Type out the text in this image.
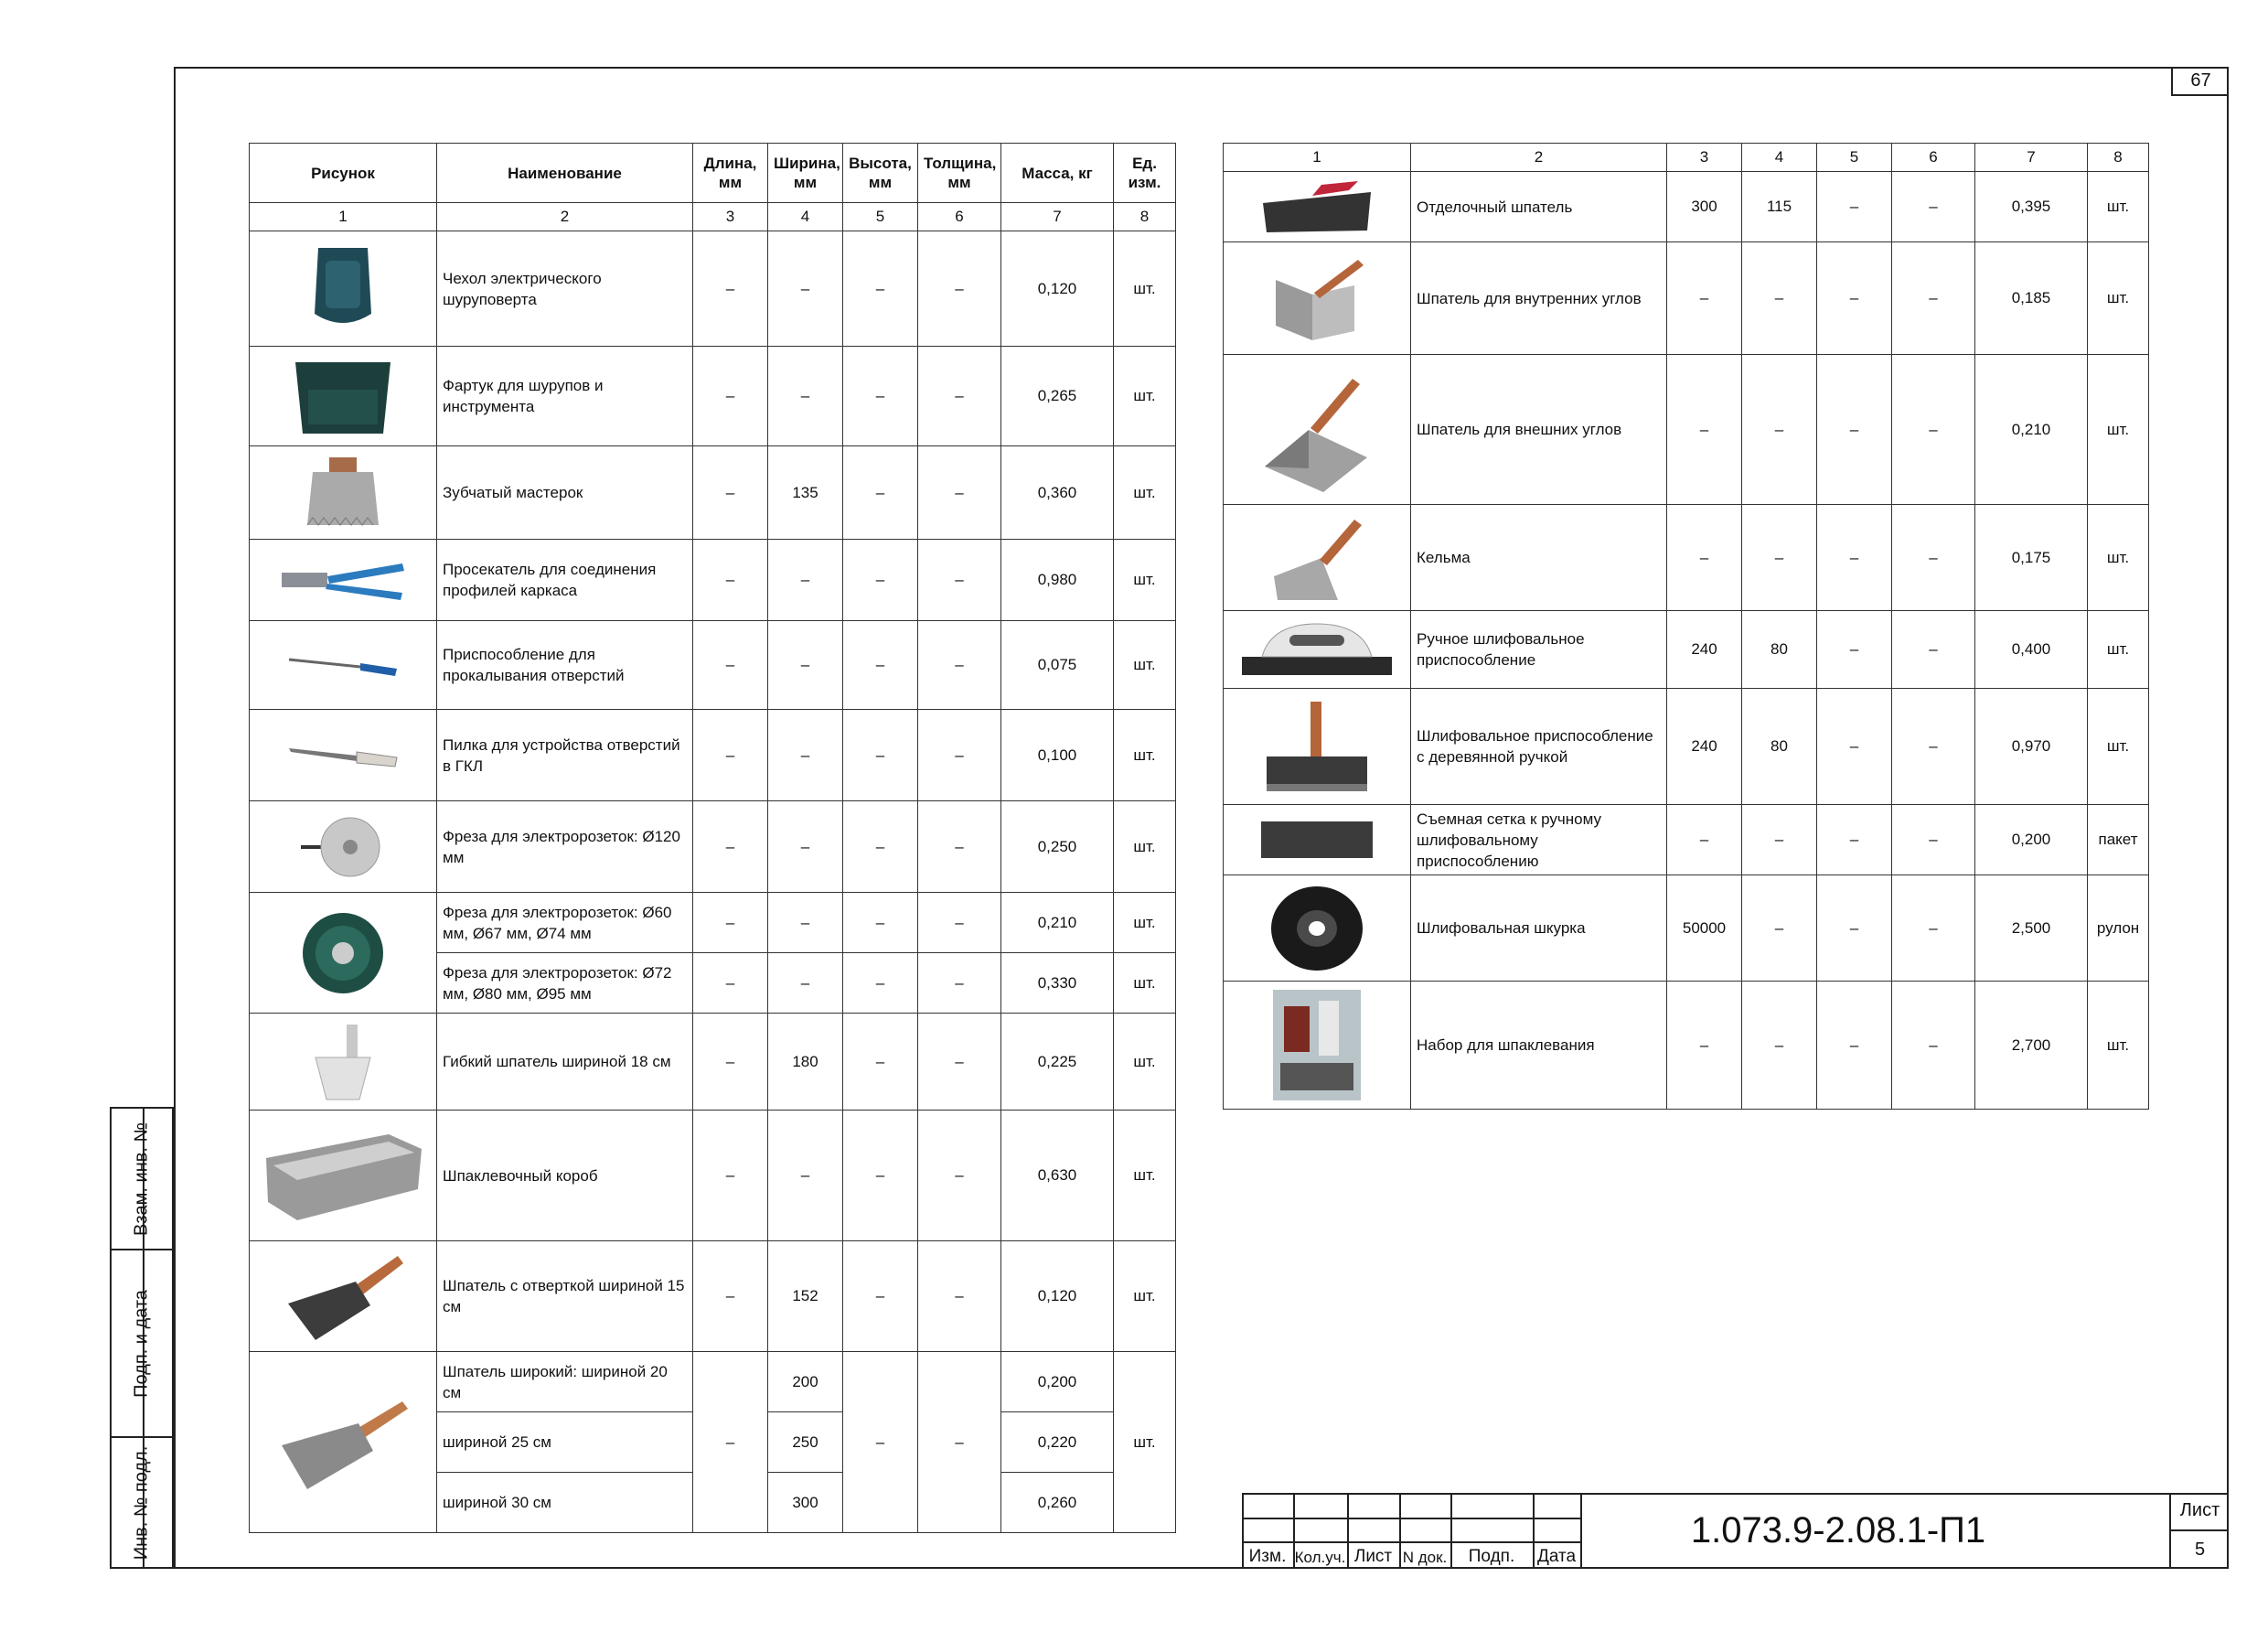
67
Взам. инв. №
Подп. и дата
Инв. № подл.
Рисунок	Наименование	Длина, мм	Ширина, мм	Высота, мм	Толщина, мм	Масса, кг	Ед. изм.
1	2	3	4	5	6	7	8

	Чехол электрического шуруповерта	–	–	–	–	0,120	шт.

	Фартук для шурупов и инструмента	–	–	–	–	0,265	шт.

	Зубчатый мастерок	–	135	–	–	0,360	шт.

	Просекатель для соединения профилей каркаса	–	–	–	–	0,980	шт.

	Приспособление для прокалывания отверстий	–	–	–	–	0,075	шт.

	Пилка для устройства отверстий в ГКЛ	–	–	–	–	0,100	шт.

	Фреза для электророзеток: Ø120 мм	–	–	–	–	0,250	шт.

	Фреза для электророзеток: Ø60 мм, Ø67 мм, Ø74 мм	–	–	–	–	0,210	шт.
	Фреза для электророзеток: Ø72 мм, Ø80 мм, Ø95 мм	–	–	–	–	0,330	шт.

	Гибкий шпатель шириной 18 см	–	180	–	–	0,225	шт.

	Шпаклевочный короб	–	–	–	–	0,630	шт.

	Шпатель с отверткой шириной 15 см	–	152	–	–	0,120	шт.

	Шпатель широкий: шириной 20 см	–	200	–	–	0,200	шт.
	шириной 25 см		250			0,220	
	шириной 30 см		300			0,260	
1	2	3	4	5	6	7	8

	Отделочный шпатель	300	115	–	–	0,395	шт.

	Шпатель для внутренних углов	–	–	–	–	0,185	шт.

	Шпатель для внешних углов	–	–	–	–	0,210	шт.

	Кельма	–	–	–	–	0,175	шт.

	Ручное шлифовальное приспособление	240	80	–	–	0,400	шт.

	Шлифовальное приспособление с деревянной ручкой	240	80	–	–	0,970	шт.

	Съемная сетка к ручному шлифовальному приспособлению	–	–	–	–	0,200	пакет

	Шлифовальная шкурка	50000	–	–	–	2,500	рулон

	Набор для шпаклевания	–	–	–	–	2,700	шт.
Изм. Кол.уч. Лист N док.	Подп.	Дата
1.073.9-2.08.1-П1	Лист
5
